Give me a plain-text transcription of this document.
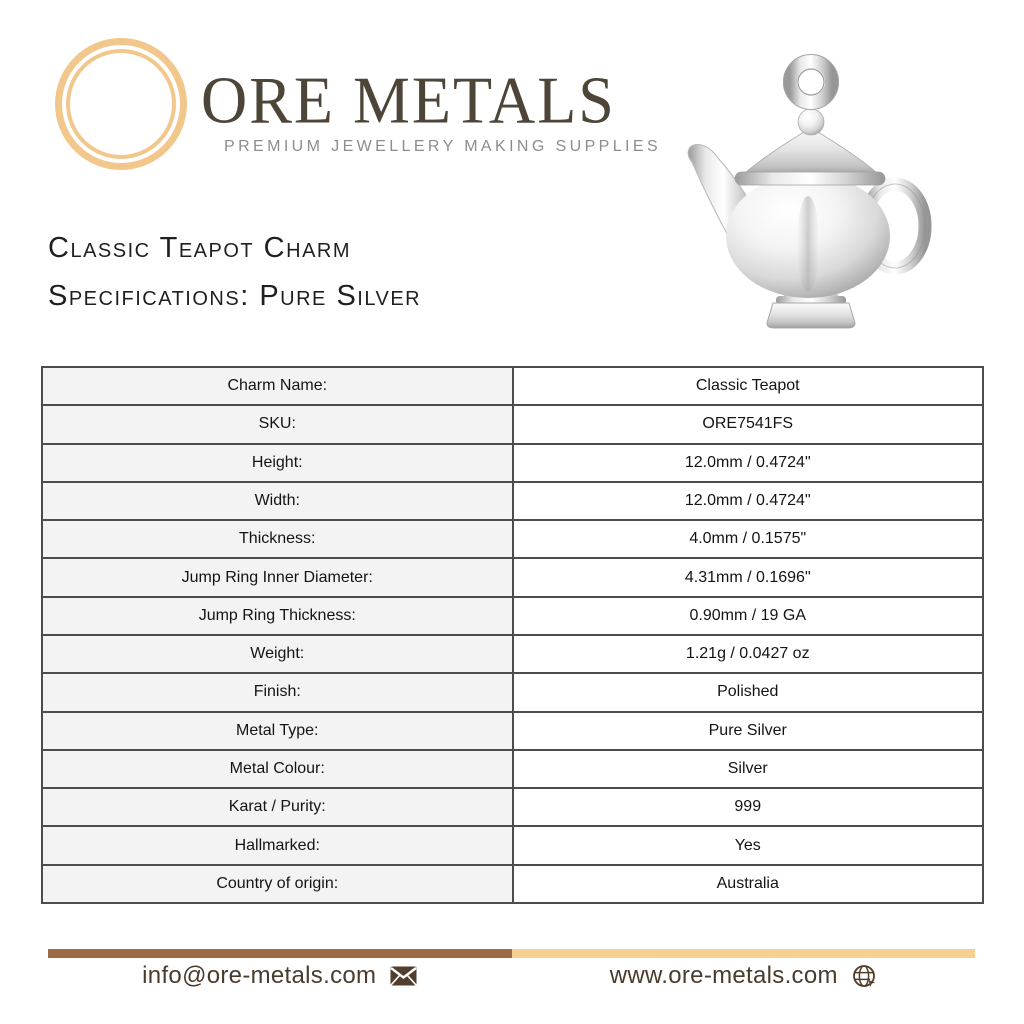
ORE METALS
PREMIUM JEWELLERY MAKING SUPPLIES
Classic Teapot Charm
Specifications: Pure Silver
Charm Name:	Classic Teapot
SKU:	ORE7541FS
Height:	12.0mm / 0.4724"
Width:	12.0mm / 0.4724"
Thickness:	4.0mm / 0.1575"
Jump Ring Inner Diameter:	4.31mm / 0.1696"
Jump Ring Thickness:	0.90mm / 19 GA
Weight:	1.21g / 0.0427 oz
Finish:	Polished
Metal Type:	Pure Silver
Metal Colour:	Silver
Karat / Purity:	999
Hallmarked:	Yes
Country of origin:	Australia
info@ore-metals.com	www.ore-metals.com
